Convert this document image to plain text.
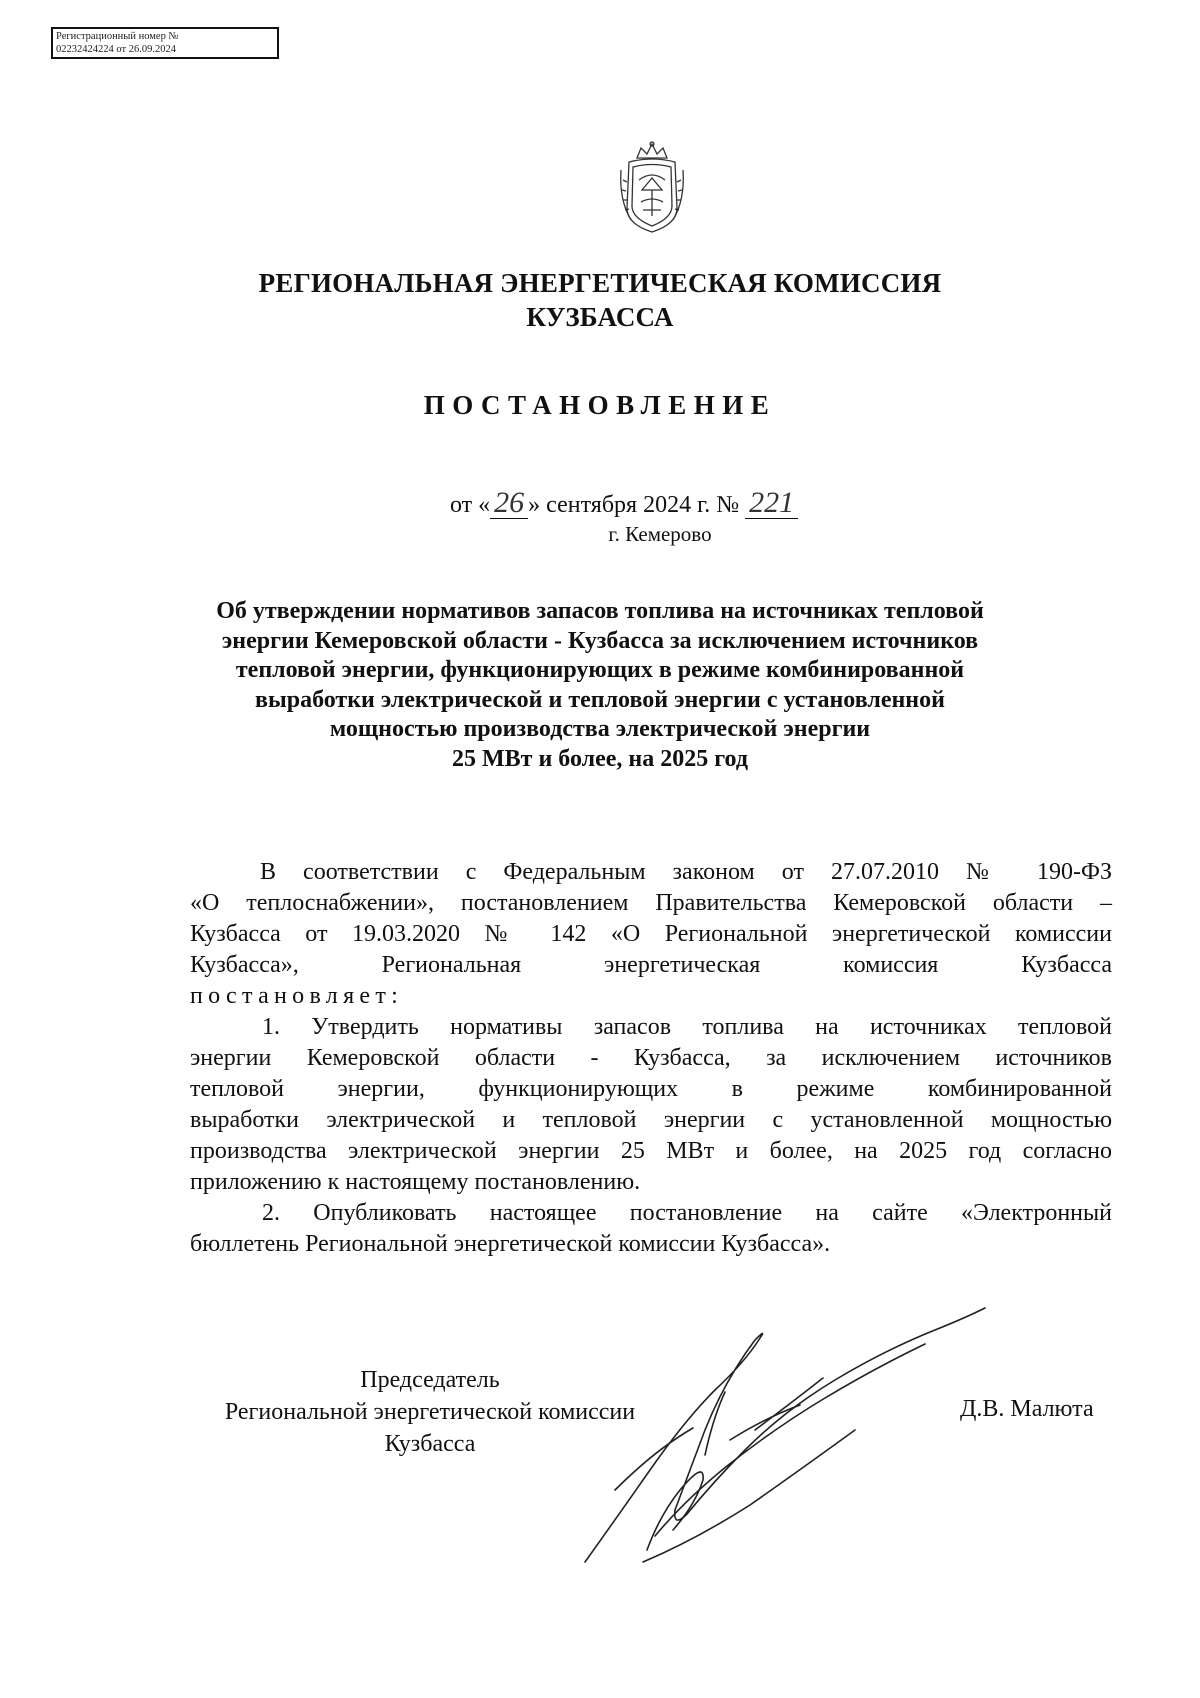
Регистрационный номер №
02232424224 от 26.09.2024
РЕГИОНАЛЬНАЯ ЭНЕРГЕТИЧЕСКАЯ КОМИССИЯ
КУЗБАССА
ПОСТАНОВЛЕНИЕ
от « 26 » сентября 2024 г. № 221
г. Кемерово
Об утверждении нормативов запасов топлива на источниках тепловой
энергии Кемеровской области - Кузбасса за исключением источников
тепловой энергии, функционирующих в режиме комбинированной
выработки электрической и тепловой энергии с установленной
мощностью производства электрической энергии
25 МВт и более, на 2025 год
В соответствии с Федеральным законом от 27.07.2010 № 190-ФЗ
«О теплоснабжении», постановлением Правительства Кемеровской области –
Кузбасса от 19.03.2020 № 142 «О Региональной энергетической комиссии
Кузбасса», Региональная энергетическая комиссия Кузбасса
постановляет:
1. Утвердить нормативы запасов топлива на источниках тепловой
энергии Кемеровской области - Кузбасса, за исключением источников
тепловой энергии, функционирующих в режиме комбинированной
выработки электрической и тепловой энергии с установленной мощностью
производства электрической энергии 25 МВт и более, на 2025 год согласно
приложению к настоящему постановлению.
2. Опубликовать настоящее постановление на сайте «Электронный
бюллетень Региональной энергетической комиссии Кузбасса».
Председатель
Региональной энергетической комиссии
Кузбасса
Д.В. Малюта
